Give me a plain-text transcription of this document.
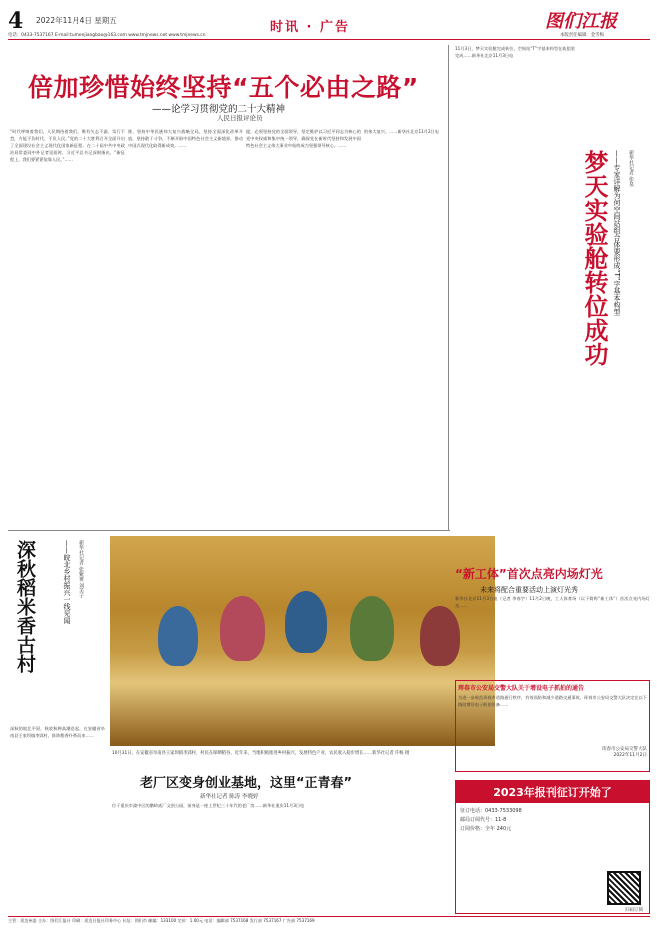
4 2022年11月4日 星期五	时讯 · 广告	图们江报
电话：0433-7537167 E-mail:tumenjiangbao@163.com www.tmjnews.net www.tmjnews.cn	本版责任编辑：金雪梅
倍加珍惜始终坚持“五个必由之路”
——论学习贯彻党的二十大精神
人民日报评论员
“时代呼唤着我们，人民期待着我们，唯有矢志不渝、笃行不怠，方能不负时代、不负人民。”党的二十大胜利召开全面开启了全面建设社会主义现代化国家新征程。在二十届中共中央政治局常委同中外记者见面时，习近平总书记深刻指出，“新征程上，我们要紧紧依靠人民。”……
推，坚持中华民族伟大复兴战略全局，坚持全面深化改革开放，坚持敢于斗争，不断开辟中国特色社会主义新境界，推动中国式现代化取得新成效。……
提，必须坚持党的全面领导，坚定维护以习近平同志为核心的党中央权威和集中统一领导，确保党在新时代坚持和发展中国特色社会主义伟大事业中始终成为坚强领导核心。……
的伟大复兴。……新华社北京11月2日电
深秋稻米香古村	——皖北乡村振兴一线见闻 新华社记者 张紫赟 刘美子
深秋的皖北平原，秋收秋种高潮迭起。在安徽省阜南县王家坝镇李郢村，阵阵稻香扑鼻而来……
梦天实验舱转位成功 ——专家详解为何空间站组合体要形成“T”字基本构型 新华社记者 张泉
11月3日，梦天实验舱完成转位，空间站“T”字基本构型在轨组装完成……新华社北京11月3日电
10月31日，在安徽省阜南县王家坝镇李郢村，村民在晾晒稻谷。近年来，当地积极推进乡村振兴，发展特色产业，农民收入稳步增长……新华社记者 许畅 摄
“新工体”首次点亮内场灯光
未来将配合重要活动上演灯光秀
新华社北京11月3日电（记者 李春字）11月2日晚，工人体育场（以下简称“新工体”）首次点亮内场灯光……
珲春市公安局交警大队关于增设电子抓拍的通告
为进一步规范珲春市道路通行秩序，有效预防和减少道路交通事故，珲春市公安局交警大队决定在以下路段增设电子抓拍设备……
珲春市公安局交警大队
2022年11月2日
老厂区变身创业基地，这里“正青春”
新华社记者 陈涛 李晓婷
位于重庆市渝中区的鹅岭贰厂文创公园，前身是一座上世纪三十年代的老厂房……新华社重庆11月3日电
2023年报刊征订开始了
征订电话：0433-7533098
邮局订阅代号：11-8
订阅价格：全年 240元
扫码订阅
主管：延边州委 主办：图们江报社 印刷：延边日报社印务中心 社址：图们市 邮编：133100 定价：1.00元 电话：编辑部 7537168 发行部 7537167 广告部 7537169
